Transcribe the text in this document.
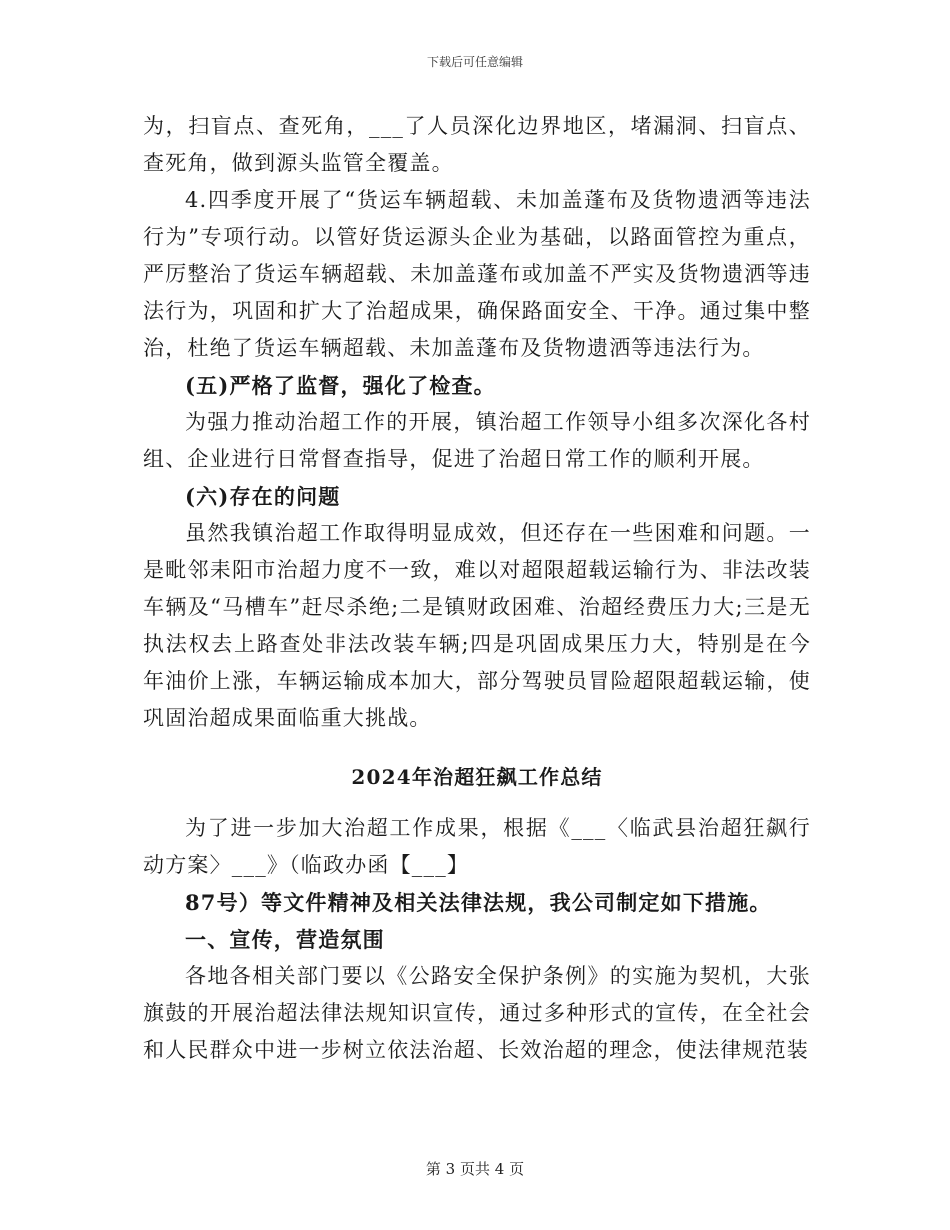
下载后可任意编辑

为，扫盲点、查死角，___了人员深化边界地区，堵漏洞、扫盲点、查死角，做到源头监管全覆盖。

4.四季度开展了“货运车辆超载、未加盖蓬布及货物遗洒等违法行为”专项行动。以管好货运源头企业为基础，以路面管控为重点，严厉整治了货运车辆超载、未加盖蓬布或加盖不严实及货物遗洒等违法行为，巩固和扩大了治超成果，确保路面安全、干净。通过集中整治，杜绝了货运车辆超载、未加盖蓬布及货物遗洒等违法行为。

(五)严格了监督，强化了检查。

为强力推动治超工作的开展，镇治超工作领导小组多次深化各村组、企业进行日常督查指导，促进了治超日常工作的顺利开展。

(六)存在的问题

虽然我镇治超工作取得明显成效，但还存在一些困难和问题。一是毗邻耒阳市治超力度不一致，难以对超限超载运输行为、非法改装车辆及“马槽车”赶尽杀绝;二是镇财政困难、治超经费压力大;三是无执法权去上路查处非法改装车辆;四是巩固成果压力大，特别是在今年油价上涨，车辆运输成本加大，部分驾驶员冒险超限超载运输，使巩固治超成果面临重大挑战。

2024年治超狂飙工作总结

为了进一步加大治超工作成果，根据《___〈临武县治超狂飙行动方案〉___》（临政办函【___】

87号）等文件精神及相关法律法规，我公司制定如下措施。

一、宣传，营造氛围

各地各相关部门要以《公路安全保护条例》的实施为契机，大张旗鼓的开展治超法律法规知识宣传，通过多种形式的宣传，在全社会和人民群众中进一步树立依法治超、长效治超的理念，使法律规范装

第 3 页共 4 页
